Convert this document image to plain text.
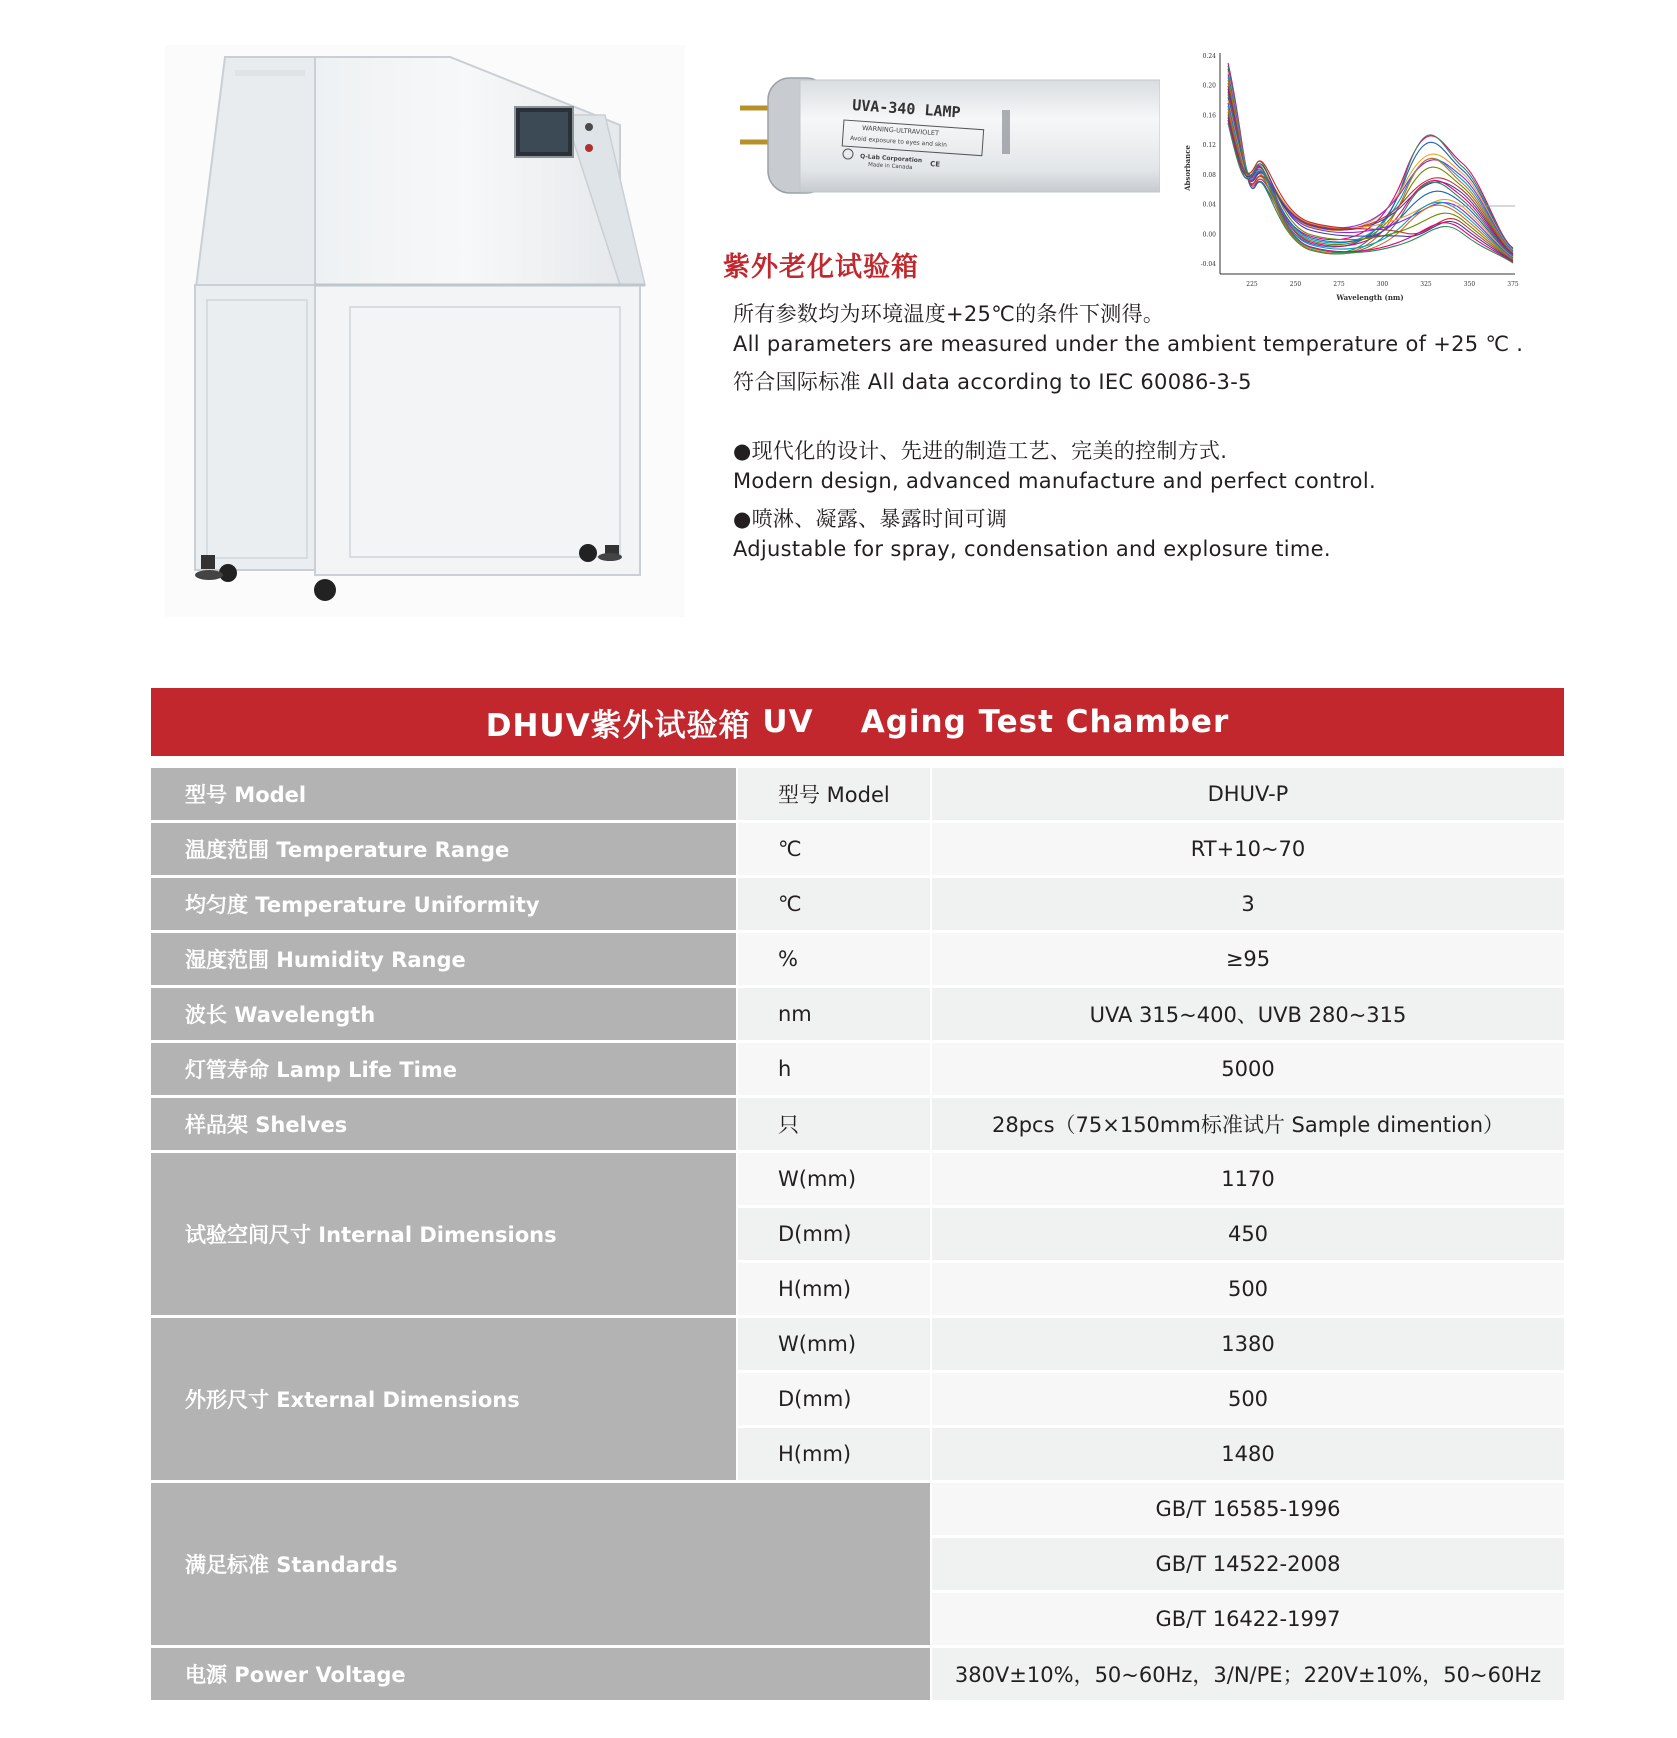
UVA-340 LAMP
WARNING-ULTRAVIOLET
Avoid exposure to eyes and skin
Q-Lab Corporation
Made in Canada CE
0.24
0.20
0.16
0.12
0.08
0.04
0.00
-0.04
225	250	275	300	325	350	375
Absorbance
Wavelength (nm)
紫外老化试验箱
所有参数均为环境温度+25℃的条件下测得。
All parameters are measured under the ambient temperature of +25 ℃ .
符合国际标准 All data according to IEC 60086-3-5
●现代化的设计、先进的制造工艺、完美的控制方式.
Modern design, advanced manufacture and perfect control.
●喷淋、凝露、暴露时间可调
Adjustable for spray, condensation and explosure time.
DHUV紫外试验箱
UV    Aging Test Chamber
型号 Model	型号 Model	DHUV-P
温度范围 Temperature Range	℃	RT+10~70
均匀度 Temperature Uniformity	℃	3
湿度范围 Humidity Range	%	≥95
波长 Wavelength	nm	UVA 315~400、UVB 280~315
灯管寿命 Lamp Life Time	h	5000
样品架 Shelves	只	28pcs（75×150mm标准试片 Sample dimention）
试验空间尺寸 Internal Dimensions
W(mm)	1170
D(mm)	450
H(mm)	500
外形尺寸 External Dimensions
W(mm)	1380
D(mm)	500
H(mm)	1480
满足标准 Standards
GB/T 16585-1996
GB/T 14522-2008
GB/T 16422-1997
电源 Power Voltage	380V±10%，50~60Hz，3/N/PE；220V±10%，50~60Hz
